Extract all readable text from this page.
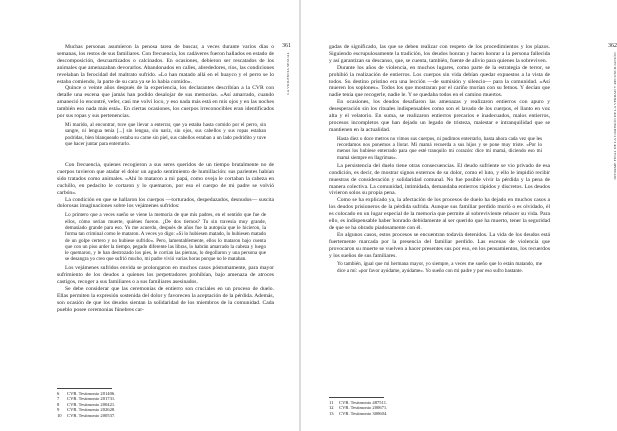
Muchas personas asumieron la penosa tarea de buscar, a veces durante varios días o semanas, los restos de sus familiares. Con frecuencia, los cadáveres fueron hallados en estado de descomposición, descuartizados o calcinados. En ocasiones, debieron ser rescatados de los animales que amenazaban devorarlos. Abandonados en calles, abrededores, ríos, las condiciones revelaban la ferocidad del maltrato sufrido. «Lo han matado allá en el huayco y el perro se lo estaba comiendo, la parte de su cara ya se lo había comido».

Quince o veinte años después de la experiencia, los declarantes describían a la CVR con detalle una escena que jamás han podido desalojar de sus memorias. «Así amarrado, cuando amaneció lo encontré, vefer, casi me volví loco, y eso nada más está en mis ojos y en las noches también eso nada más está». En ciertas ocasiones, los cuerpos irreconocibles eran identificados por sus ropas y sus pertenencias.

Mi marido, al encontrar, tuve que llevar a enterrar, que ya estaba hasta comido por el perro, sin sangre, ni lengua tenía [...] sin lengua, sin nariz, sin ojos, sus cabellos y sus ropas estaban podridas, bien blanqueado estaba su carne sin piel, sus cabellos estaban a un lado podridito y tuve que hacer juntar para enterrarlo.

Con frecuencia, quienes recogieron a sus seres queridos de un tiempo brutalmente no de cuerpos tuvieron que atadar el dolor un agudo sentimiento de humillación: sus parientes habían sido tratados como animales. «Ahí lo mataron a mi papá, como oveja le cortaban la cabeza en cuchillo, en pedacito le cortaron y lo quemaron, por eso el cuerpo de mi padre se volvió carbón».

La condición en que se hallaron los cuerpos —torturados, despedazados, desnudos— suscita dolorosas imaginaciones sobre los vejámenes sufridos:

Lo primero que a veces sueño se viene la memoria de que mis padres, en el sentido que fue de ellos, cómo serían muerte, quiénes fueron. ¿De dos tiernos? Tu sin travesía muy grande, demasiado grande para eso. Yo me acuerdo, después de años fue la autopsia que le hicieron, la forma tan criminal como le mataron. A veces yo digo: «Si lo hubiesen matado, lo hubiesen matado de un golpe certero y no hubiese sufrido». Pero, lamentablemente, ellos lo mataron bajo cuenta que con un piso arder la tiempo, pegado diferente las libras, lo habrán amarrado la cabeza y luego le quemaron, y le han destrozado los pies, le corrían las piernas, lo degollaron y una persona que se desangra yo creo que sufrió mucho, mi padre vivió varias horas porque no le mataban.

Los vejámenes sufridos envida se prolongaron en muchos casos póstumamente, para mayor sufrimiento de los deudos a quienes los perpetradores prohibían, bajo amenaza de atroces castigos, recoger a sus familiares o a sus familiares asesinados.

Se debe considerar que las ceremonias de entierro son cruciales en un proceso de duelo. Ellas permiten la expresión sostenida del dolor y favorecen la aceptación de la pérdida. Además, son ocasión de que los deudos sientan la solidaridad de los miembros de la comunidad. Cada pueblo posee ceremonias fúnebres car-

361
LA VIOLENCIA SEXUAL
6	CVR. Testimonio 201406.
7	CVR. Testimonio 201731.
8	CVR. Testimonio 200421.
9	CVR. Testimonio 202628.
10	CVR. Testimonio 200537.
362
INFORME FINAL DE LA COMISIÓN DE LA VERDAD Y RECONCILIACIÓN

gadas de significado, las que se deben realizar con respeto de los procedimientos y los plazos. Siguiendo escrupulosamente la tradición, los deudos honran y hacen honrar a la persona fallecida y así garantizan su descanso, que, se cuenta, también, fuente de alivio para quienes la sobreviven.

Durante los años de violencia, en muchos lugares, como parte de la estrategia de terror, se prohibió la realización de entierros. Los cuerpos sin vida debían quedar expuestos a la vista de todos. Su destino prístino era una lección —de sumisión y silencio— para la comunidad. «Así mueren los soplones». Todos los que mostraran por el cariño morían con su fetnos. Y decían que nadie tenía que recogerle, nadie le. Y se quedaba todos en el camino muertos.

En ocasiones, los deudos desafiaron las amenazas y realizaron entierros con apuro y desesperación sin los rituales indispensables como son el lavado de los cuerpos, el llanto en voz alta y el velatorio. En suma, se realizaron entierros precarios e inadecuados, malos entierros, procesos incompletos que han dejado un legado de tristeza, malestar e intranquilidad que se mantienen en la actualidad.

Hasta diez o doce metros no vimos sus cuerpos, ni pudimos enterrarlo, hasta ahora cada vez que les recordamos nos ponemos a llorar. Mi mamá recuerda a sus hijos y se pone muy triste. «Por lo menos los hubiese enterrado para que esté tranquilo mi corazón: dice mi mamá, diciendo eso mi mamá siempre en llagrimas».

La persistencia del duelo tiene otras consecuencias. El deudo sufriente se vio privado de esa condición, es decir, de mostrar signos externos de su dolor, como el luto, y ello le impidió recibir muestras de consideración y solidaridad comunal. No fue posible vivir la pérdida y la pena de manera colectiva. La comunidad, intimidada, demandaba entierros rápidos y discretos. Los deudos vivieron solos su propia pena.

Como se ha explicado ya, la afectación de los procesos de duelo ha dejado en muchos casos a los deudos prisioneros de la pérdida sufrida. Aunque sus familiar perdido murió o es olvidado, él es colocado en un lugar especial de la memoria que permite al sobreviviente rehacer su vida. Para ello, es indispensable haber honrado debidamente al ser querido que ha muerto, tener la seguridad de que se ha obrado piadosamente con él.

En algunos casos, estos procesos se encuentran todavía detenidos. La vida de los deudos está fuertemente marcada por la presencia del familiar perdido. Las escenas de violencia que provocaron su muerte se vuelven a hacer presentes sus por eso, en los pensamientos, los recuerdos y los sueños de sus familiares.

Yo también, igual que mi hermana mayor, yo siempre, a veces me sueño que lo están matando, me dice a mí: «por favor ayúdame, ayúdame». Yo sueño con mi padre y por eso sufro bastante.

11	CVR. Testimonio 487511.
12	CVR. Testimonio 200671.
13	CVR. Testimonio 300604.
